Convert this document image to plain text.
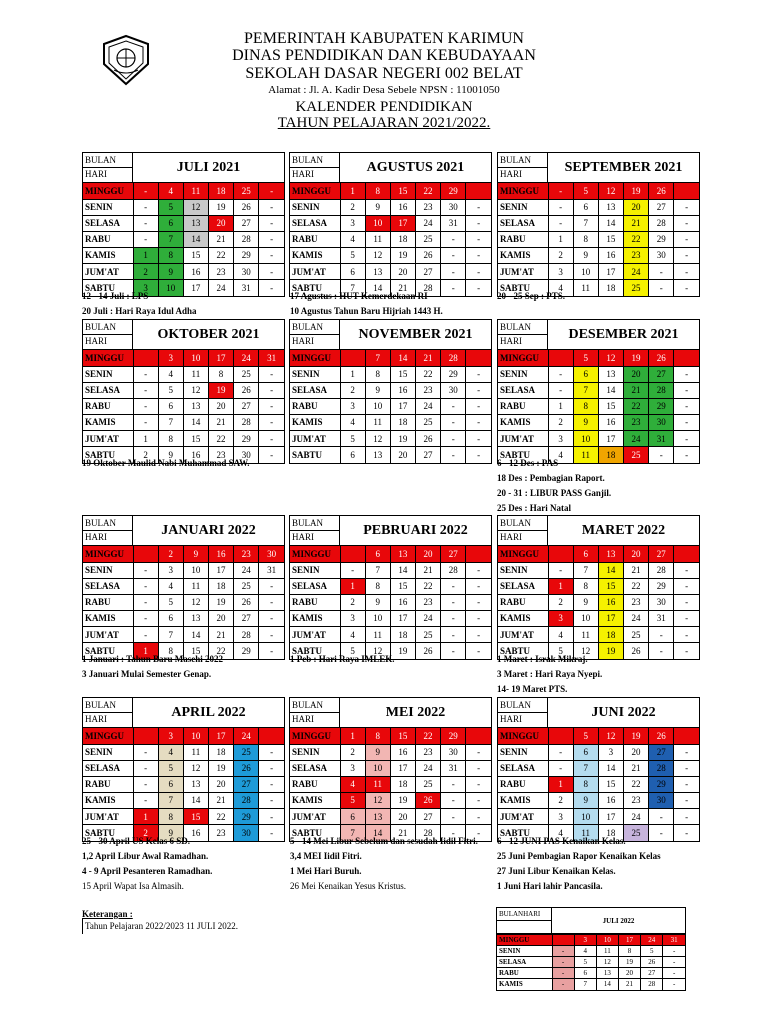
PEMERINTAH KABUPATEN KARIMUN
DINAS PENDIDIKAN DAN KEBUDAYAAN
SEKOLAH DASAR NEGERI 002 BELAT
Alamat : Jl. A. Kadir Desa Sebele NPSN : 11001050
KALENDER PENDIDIKAN
TAHUN PELAJARAN 2021/2022.
BULAN
HARI	JULI 2021
MINGGU	-	4	11	18	25	-
SENIN	-	5	12	19	26	-
SELASA	-	6	13	20	27	-
RABU	-	7	14	21	28	-
KAMIS	1	8	15	22	29	-
JUM'AT	2	9	16	23	30	-
SABTU	3	10	17	24	31	-
BULAN
HARI	AGUSTUS 2021
MINGGU	1	8	15	22	29	
SENIN	2	9	16	23	30	-
SELASA	3	10	17	24	31	-
RABU	4	11	18	25	-	-
KAMIS	5	12	19	26	-	-
JUM'AT	6	13	20	27	-	-
SABTU	7	14	21	28	-	-
BULAN
HARI	SEPTEMBER 2021
MINGGU	-	5	12	19	26	
SENIN	-	6	13	20	27	-
SELASA	-	7	14	21	28	-
RABU	1	8	15	22	29	-
KAMIS	2	9	16	23	30	-
JUM'AT	3	10	17	24	-	-
SABTU	4	11	18	25	-	-
BULAN
HARI	OKTOBER 2021
MINGGU		3	10	17	24	31
SENIN	-	4	11	8	25	-
SELASA	-	5	12	19	26	-
RABU	-	6	13	20	27	-
KAMIS	-	7	14	21	28	-
JUM'AT	1	8	15	22	29	-
SABTU	2	9	16	23	30	-
BULAN
HARI	NOVEMBER 2021
MINGGU		7	14	21	28	
SENIN	1	8	15	22	29	-
SELASA	2	9	16	23	30	-
RABU	3	10	17	24	-	-
KAMIS	4	11	18	25	-	-
JUM'AT	5	12	19	26	-	-
SABTU	6	13	20	27	-	-
BULAN
HARI	DESEMBER 2021
MINGGU		5	12	19	26	
SENIN	-	6	13	20	27	-
SELASA	-	7	14	21	28	-
RABU	1	8	15	22	29	-
KAMIS	2	9	16	23	30	-
JUM'AT	3	10	17	24	31	-
SABTU	4	11	18	25	-	-
BULAN
HARI	JANUARI 2022
MINGGU		2	9	16	23	30
SENIN	-	3	10	17	24	31
SELASA	-	4	11	18	25	-
RABU	-	5	12	19	26	-
KAMIS	-	6	13	20	27	-
JUM'AT	-	7	14	21	28	-
SABTU	1	8	15	22	29	-
BULAN
HARI	PEBRUARI 2022
MINGGU		6	13	20	27	
SENIN	-	7	14	21	28	-
SELASA	1	8	15	22	-	-
RABU	2	9	16	23	-	-
KAMIS	3	10	17	24	-	-
JUM'AT	4	11	18	25	-	-
SABTU	5	12	19	26	-	-
BULAN
HARI	MARET 2022
MINGGU		6	13	20	27	
SENIN	-	7	14	21	28	-
SELASA	1	8	15	22	29	-
RABU	2	9	16	23	30	-
KAMIS	3	10	17	24	31	-
JUM'AT	4	11	18	25	-	-
SABTU	5	12	19	26	-	-
BULAN
HARI	APRIL 2022
MINGGU		3	10	17	24	
SENIN	-	4	11	18	25	-
SELASA	-	5	12	19	26	-
RABU	-	6	13	20	27	-
KAMIS	-	7	14	21	28	-
JUM'AT	1	8	15	22	29	-
SABTU	2	9	16	23	30	-
BULAN
HARI	MEI 2022
MINGGU	1	8	15	22	29	
SENIN	2	9	16	23	30	-
SELASA	3	10	17	24	31	-
RABU	4	11	18	25	-	-
KAMIS	5	12	19	26	-	-
JUM'AT	6	13	20	27	-	-
SABTU	7	14	21	28	-	-
BULAN
HARI	JUNI 2022
MINGGU		5	12	19	26	
SENIN	-	6	3	20	27	-
SELASA	-	7	14	21	28	-
RABU	1	8	15	22	29	-
KAMIS	2	9	16	23	30	-
JUM'AT	3	10	17	24	-	-
SABTU	4	11	18	25	-	-
12 - 14 Juli : LPS
20 Juli : Hari Raya Idul Adha
17 Agustus : HUT Kemerdekaan RI
10 Agustus Tahun Baru Hijriah 1443 H.
20 - 25 Sep : PTS.
19 Oktober Maulid Nabi Muhammad SAW.	6 - 12 Des : PAS
18 Des : Pembagian Raport.
20 - 31 : LIBUR PASS Ganjil.
25 Des : Hari Natal
1 Januari : Tahun Baru Masehi 2022
3 Januari Mulai Semester Genap.
1 Peb : Hari Raya IMLEK.	1 Maret : Israk Mikraj.
3 Maret : Hari Raya Nyepi.
14- 19 Maret PTS.
25 - 30 April US Kelas 6 SD.
1,2 April Libur Awal Ramadhan.
4 - 9 April Pesanteren Ramadhan.
15 April Wapat Isa Almasih.
5 - 14 Mei Libur Sebelum dan sesudah Iidil Fitri.
3,4 MEI Iidil Fitri.
1 Mei Hari Buruh.
26 Mei Kenaikan Yesus Kristus.
6 - 12 JUNI PAS Kenaikan Kelas.
25 Juni Pembagian Rapor Kenaikan Kelas
27 Juni Libur Kenaikan Kelas.
1 Juni Hari lahir Pancasila.
Keterangan :
Tahun Pelajaran 2022/2023 11 JULI 2022.
BULANHARI
JULI 2022
MINGGU		3	10	17	24	31
SENIN	-	4	11	8	5	-
SELASA	-	5	12	19	26	-
RABU	-	6	13	20	27	-
KAMIS	-	7	14	21	28	-
